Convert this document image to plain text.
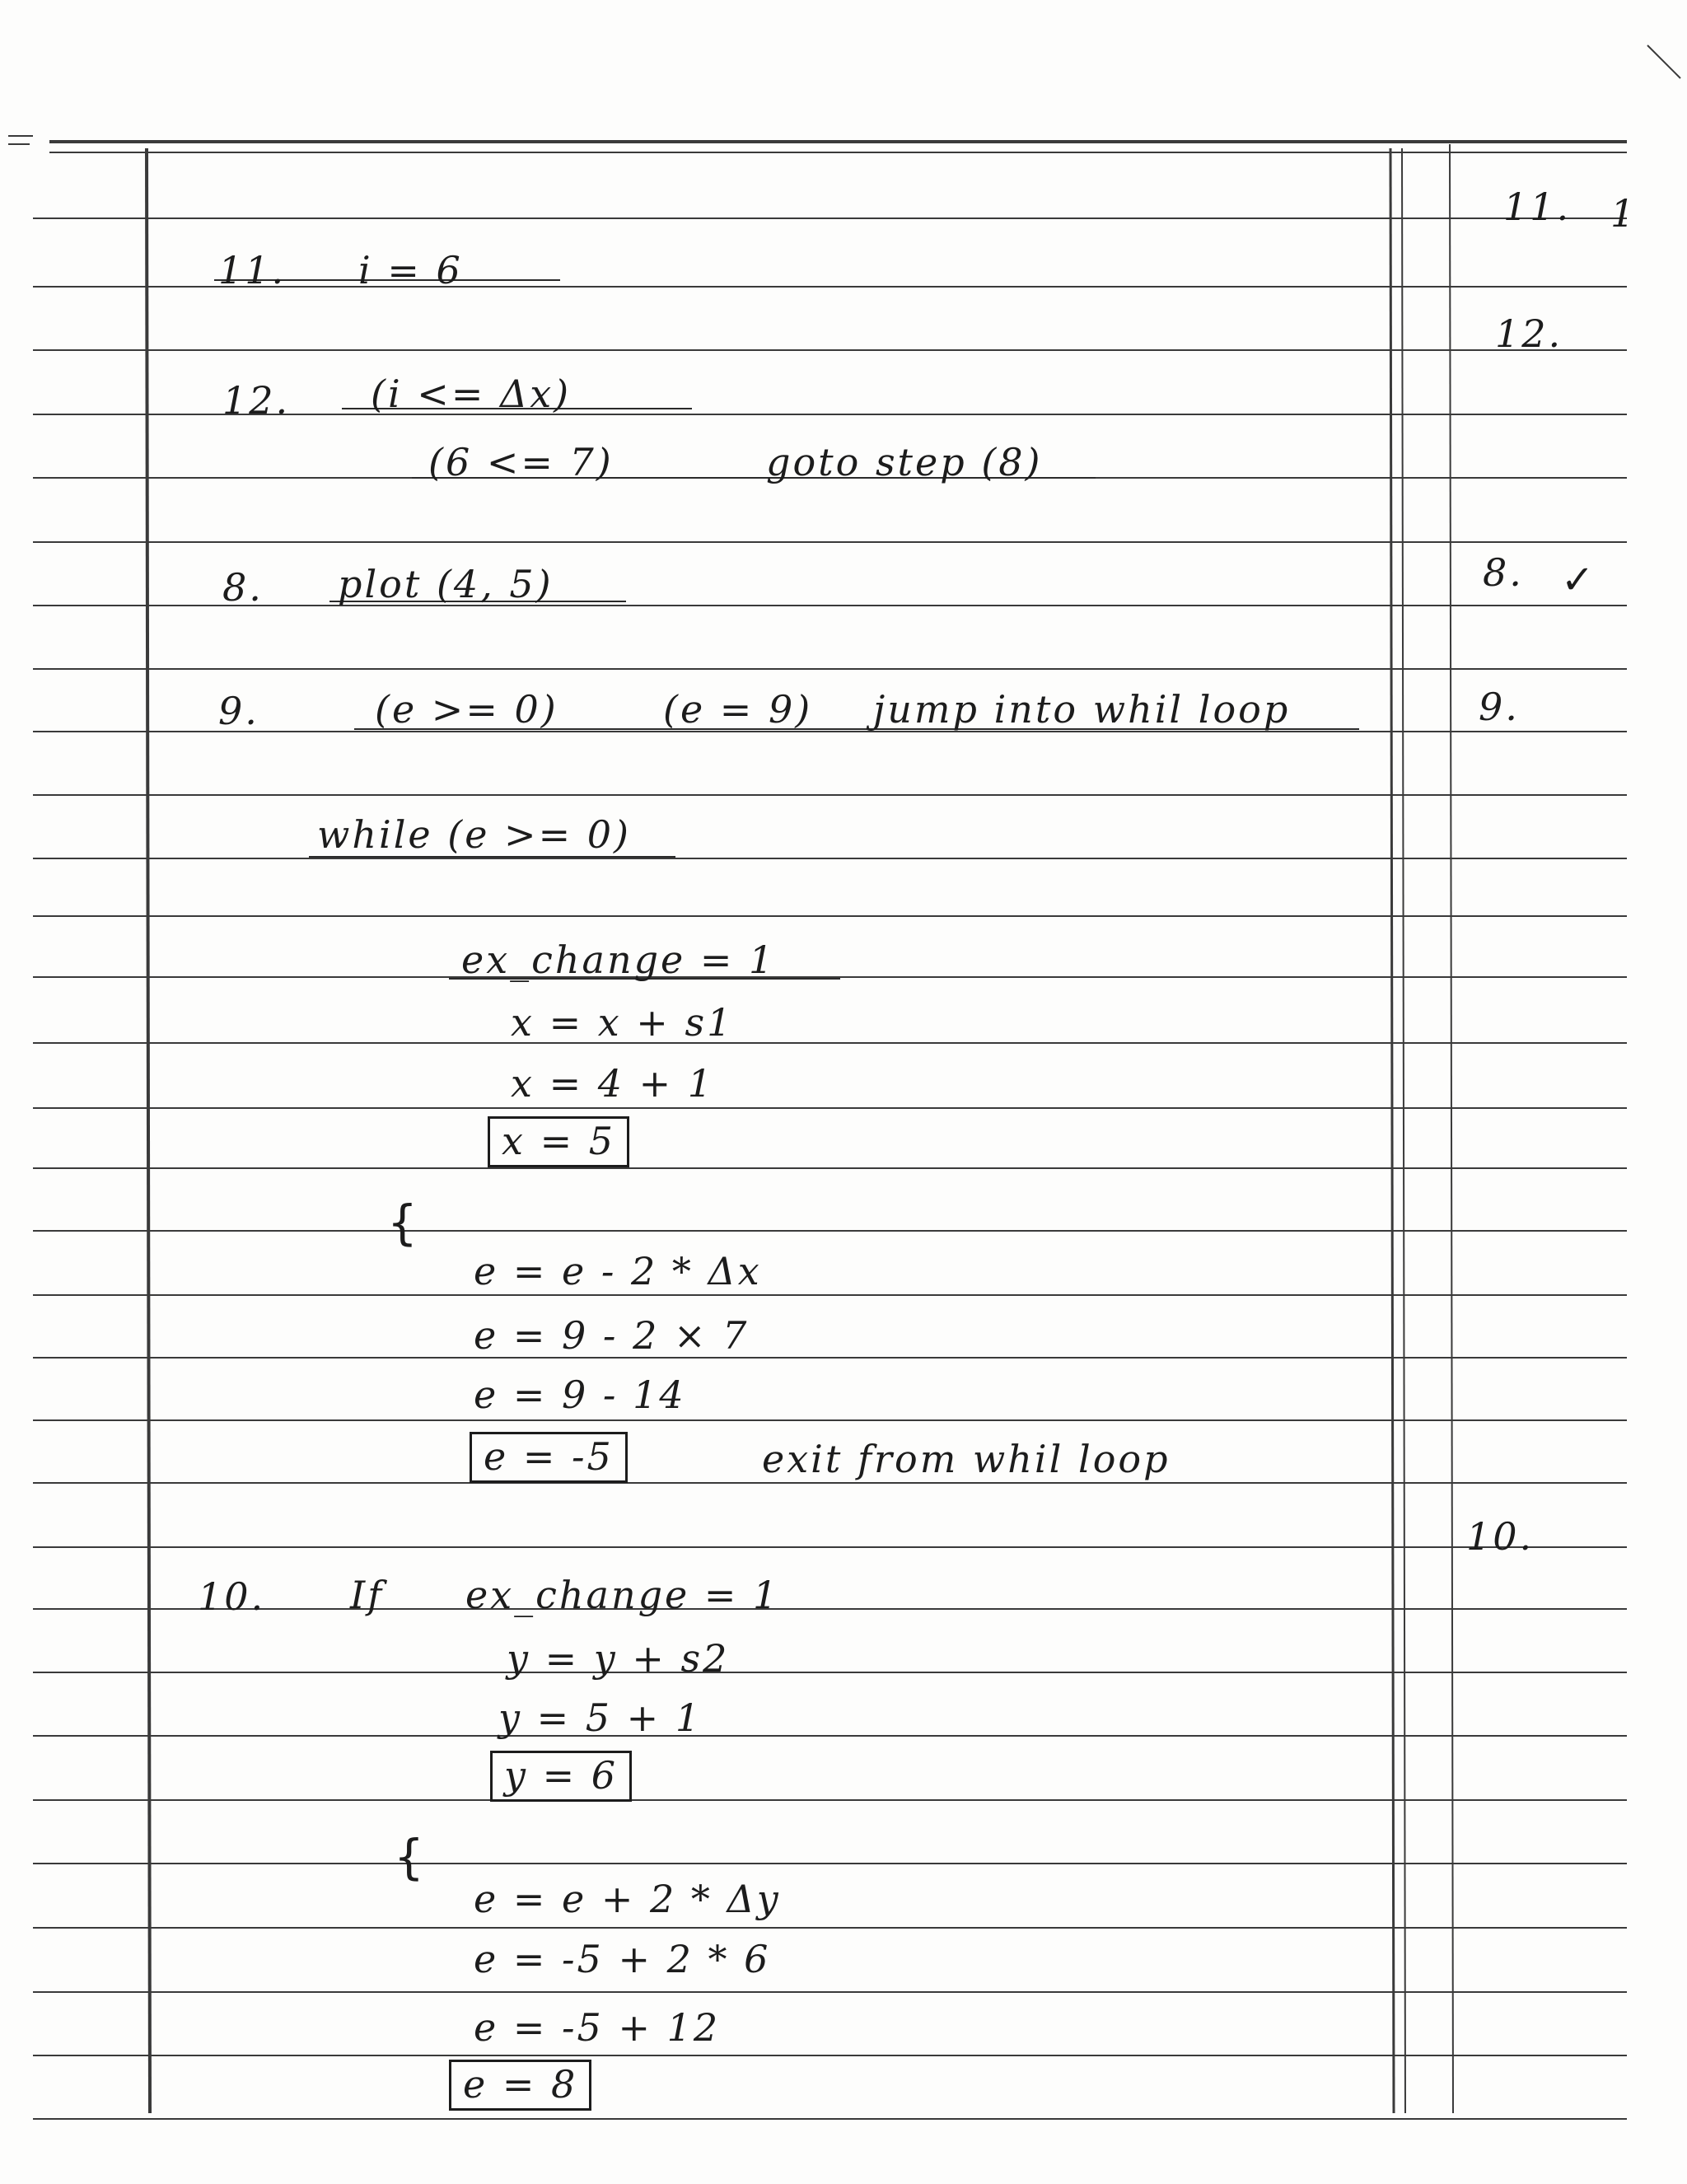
11. i = 6
12. (i <= Δx)
(6 <= 7)	goto step (8)
8. plot (4, 5)
9.	(e >= 0)	(e = 9) jump into whil loop
while (e >= 0)
ex_change = 1
x = x + s1
x = 4 + 1
x = 5
{
e = e - 2 * Δx
e = 9 - 2 × 7
e = 9 - 14
e = -5	exit from whil loop
10. If ex_change = 1
y = y + s2
y = 5 + 1
y = 6
{
e = e + 2 * Δy
e = -5 + 2 * 6
e = -5 + 12
e = 8
11. 1
12.
8. ✓
9.
10.
